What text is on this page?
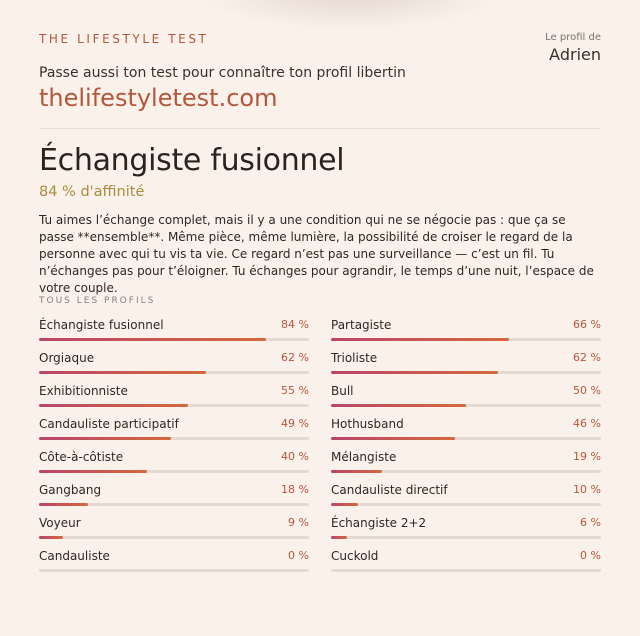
THE LIFESTYLE TEST	Le profil de
Adrien
Passe aussi ton test pour connaître ton profil libertin
thelifestyletest.com
Échangiste fusionnel
84 % d'affinité
Tu aimes l’échange complet, mais il y a une condition qui ne se négocie pas : que ça se passe **ensemble**. Même pièce, même lumière, la possibilité de croiser le regard de la personne avec qui tu vis ta vie. Ce regard n’est pas une surveillance — c’est un fil. Tu n’échanges pas pour t’éloigner. Tu échanges pour agrandir, le temps d’une nuit, l’espace de votre couple.
TOUS LES PROFILS
Échangiste fusionnel	84 % Partagiste	66 %
Orgiaque	62 % Trioliste	62 %
Exhibitionniste	55 % Bull	50 %
Candauliste participatif	49 % Hothusband	46 %
Côte-à-côtiste	40 % Mélangiste	19 %
Gangbang	18 % Candauliste directif	10 %
Voyeur	9 % Échangiste 2+2	6 %
Candauliste	0 % Cuckold	0 %
